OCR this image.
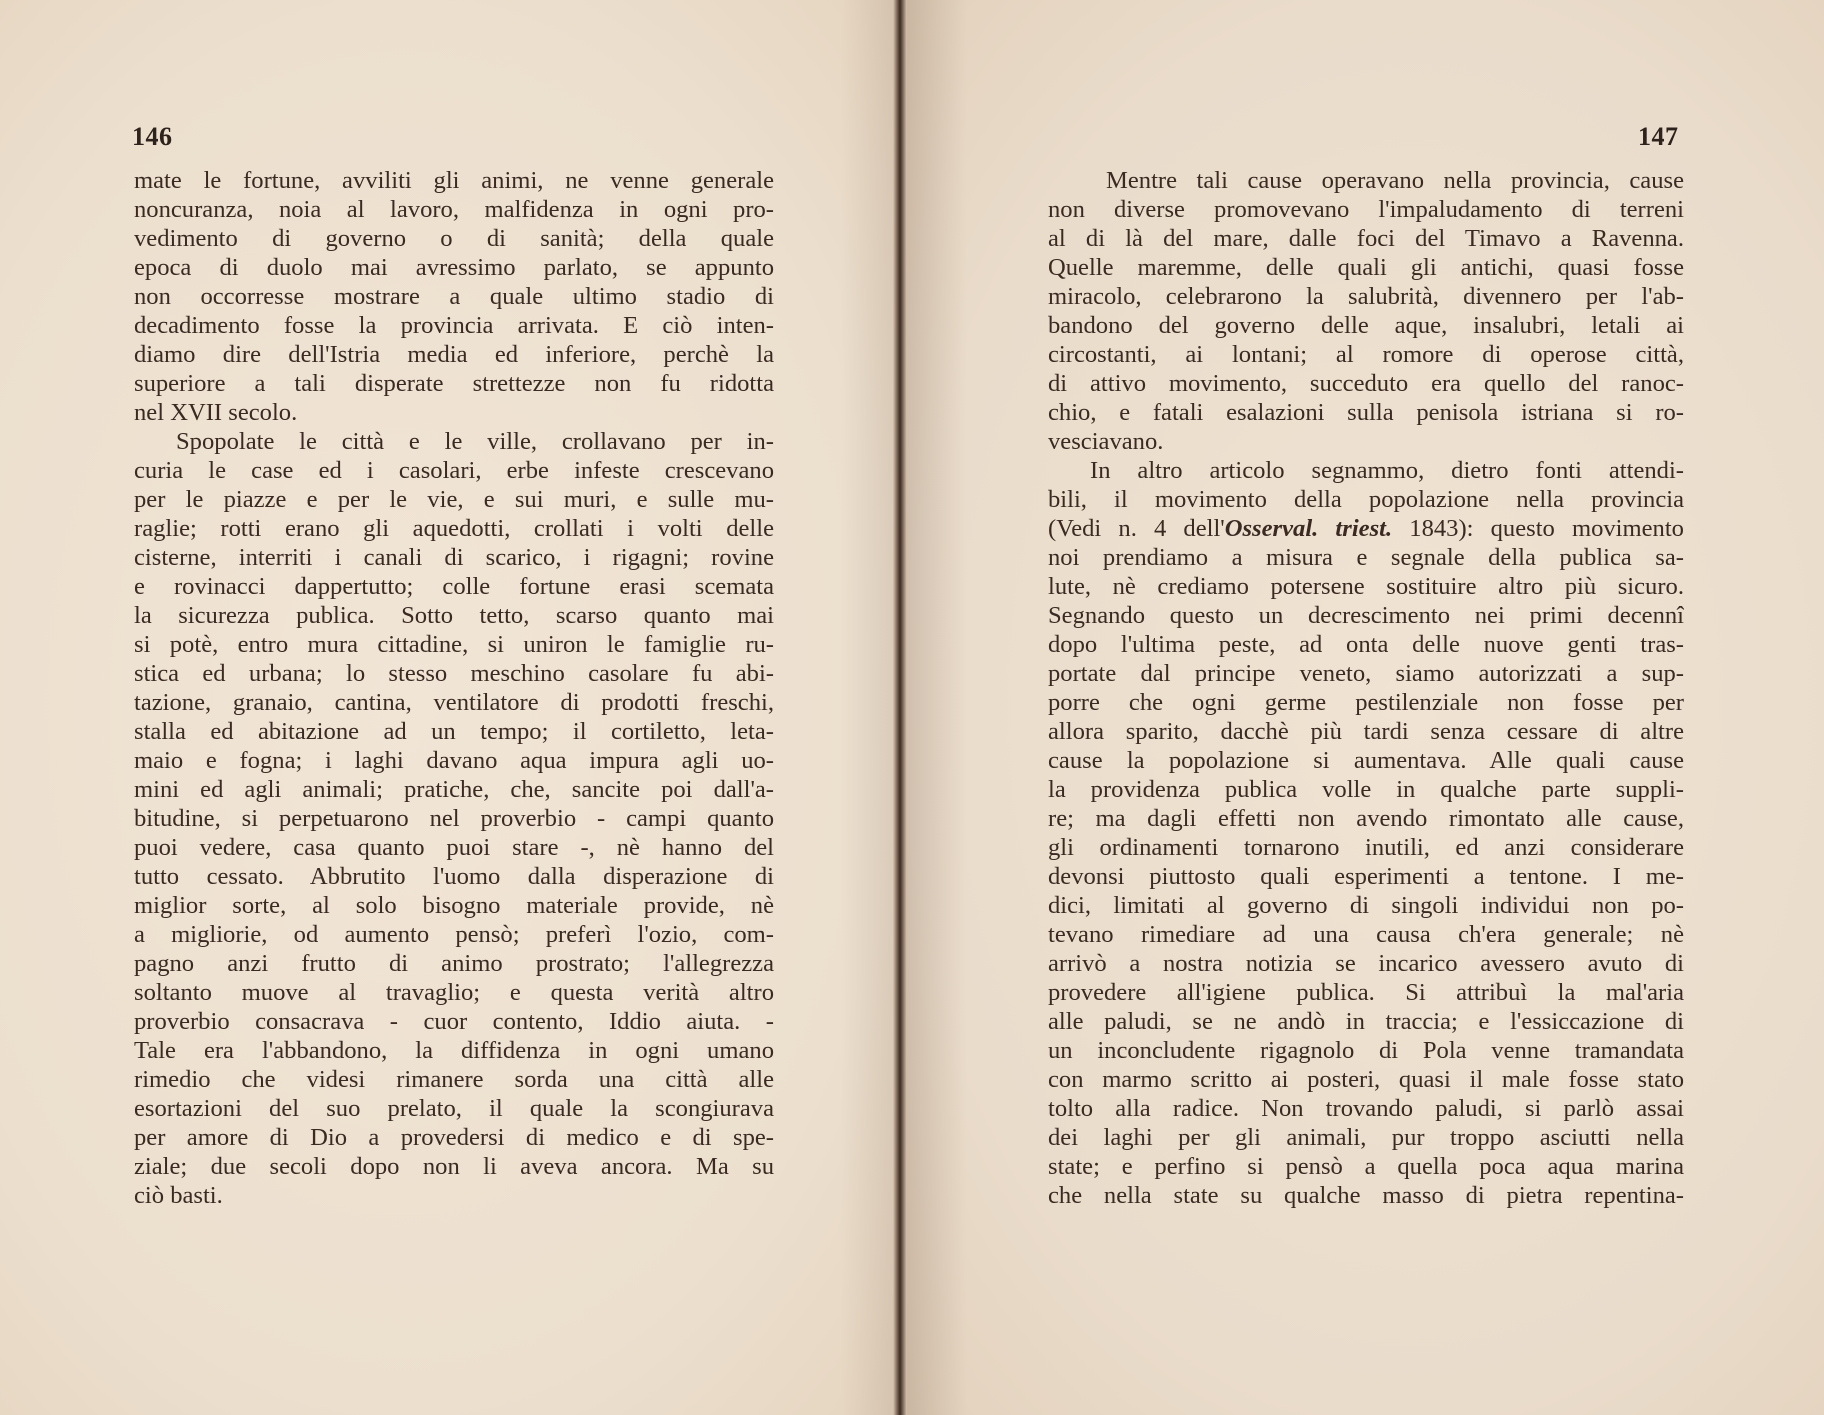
146	147
mate le fortune, avviliti gli animi, ne venne generale
noncuranza, noia al lavoro, malfidenza in ogni pro-
vedimento di governo o di sanità; della quale
epoca di duolo mai avressimo parlato, se appunto
non occorresse mostrare a quale ultimo stadio di
decadimento fosse la provincia arrivata. E ciò inten-
diamo dire dell'Istria media ed inferiore, perchè la
superiore a tali disperate strettezze non fu ridotta
nel XVII secolo.
Spopolate le città e le ville, crollavano per in-
curia le case ed i casolari, erbe infeste crescevano
per le piazze e per le vie, e sui muri, e sulle mu-
raglie; rotti erano gli aquedotti, crollati i volti delle
cisterne, interriti i canali di scarico, i rigagni; rovine
e rovinacci dappertutto; colle fortune erasi scemata
la sicurezza publica. Sotto tetto, scarso quanto mai
si potè, entro mura cittadine, si uniron le famiglie ru-
stica ed urbana; lo stesso meschino casolare fu abi-
tazione, granaio, cantina, ventilatore di prodotti freschi,
stalla ed abitazione ad un tempo; il cortiletto, leta-
maio e fogna; i laghi davano aqua impura agli uo-
mini ed agli animali; pratiche, che, sancite poi dall'a-
bitudine, si perpetuarono nel proverbio - campi quanto
puoi vedere, casa quanto puoi stare -, nè hanno del
tutto cessato. Abbrutito l'uomo dalla disperazione di
miglior sorte, al solo bisogno materiale provide, nè
a migliorie, od aumento pensò; preferì l'ozio, com-
pagno anzi frutto di animo prostrato; l'allegrezza
soltanto muove al travaglio; e questa verità altro
proverbio consacrava - cuor contento, Iddio aiuta. -
Tale era l'abbandono, la diffidenza in ogni umano
rimedio che videsi rimanere sorda una città alle
esortazioni del suo prelato, il quale la scongiurava
per amore di Dio a provedersi di medico e di spe-
ziale; due secoli dopo non li aveva ancora. Ma su
ciò basti.
Mentre tali cause operavano nella provincia, cause
non diverse promovevano l'impaludamento di terreni
al di là del mare, dalle foci del Timavo a Ravenna.
Quelle maremme, delle quali gli antichi, quasi fosse
miracolo, celebrarono la salubrità, divennero per l'ab-
bandono del governo delle aque, insalubri, letali ai
circostanti, ai lontani; al romore di operose città,
di attivo movimento, succeduto era quello del ranoc-
chio, e fatali esalazioni sulla penisola istriana si ro-
vesciavano.
In altro articolo segnammo, dietro fonti attendi-
bili, il movimento della popolazione nella provincia
(Vedi n. 4 dell'Osserval. triest. 1843): questo movimento
noi prendiamo a misura e segnale della publica sa-
lute, nè crediamo potersene sostituire altro più sicuro.
Segnando questo un decrescimento nei primi decennî
dopo l'ultima peste, ad onta delle nuove genti tras-
portate dal principe veneto, siamo autorizzati a sup-
porre che ogni germe pestilenziale non fosse per
allora sparito, dacchè più tardi senza cessare di altre
cause la popolazione si aumentava. Alle quali cause
la providenza publica volle in qualche parte suppli-
re; ma dagli effetti non avendo rimontato alle cause,
gli ordinamenti tornarono inutili, ed anzi considerare
devonsi piuttosto quali esperimenti a tentone. I me-
dici, limitati al governo di singoli individui non po-
tevano rimediare ad una causa ch'era generale; nè
arrivò a nostra notizia se incarico avessero avuto di
provedere all'igiene publica. Si attribuì la mal'aria
alle paludi, se ne andò in traccia; e l'essiccazione di
un inconcludente rigagnolo di Pola venne tramandata
con marmo scritto ai posteri, quasi il male fosse stato
tolto alla radice. Non trovando paludi, si parlò assai
dei laghi per gli animali, pur troppo asciutti nella
state; e perfino si pensò a quella poca aqua marina
che nella state su qualche masso di pietra repentina-
